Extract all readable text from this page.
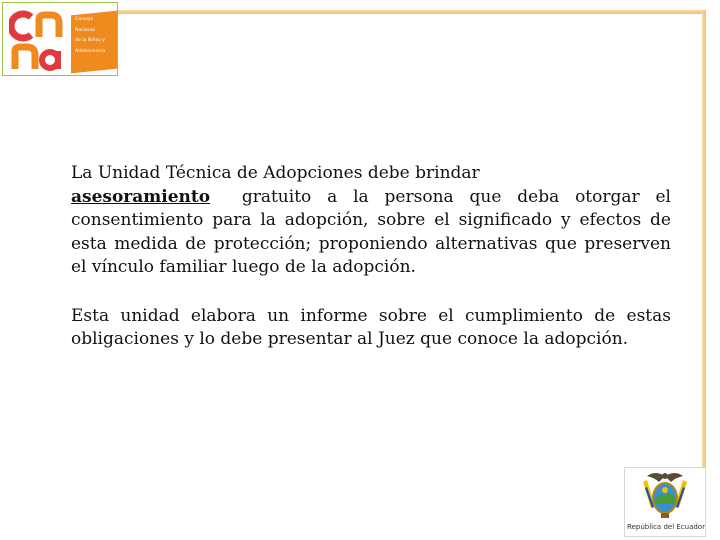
Consejo
Nacional
de la Niñez y
Adolescencia

La Unidad Técnica de Adopciones debe brindar
asesoramiento gratuito a la persona que deba otorgar el consentimiento para la adopción, sobre el significado y efectos de esta medida de protección; proponiendo alternativas que preserven el vínculo familiar luego de la adopción.

Esta unidad elabora un informe sobre el cumplimiento de estas obligaciones y lo debe presentar al Juez que conoce la adopción.

República del Ecuador
